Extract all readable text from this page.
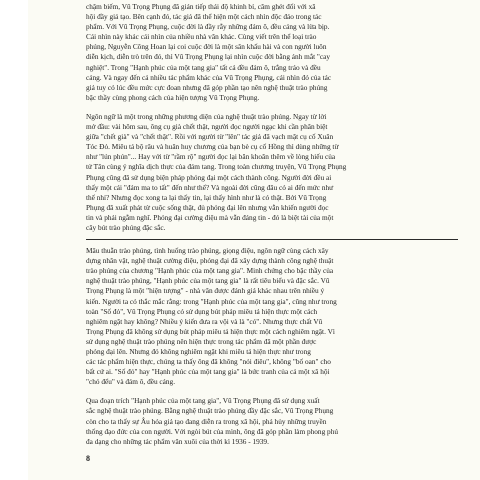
chậm biếm, Vũ Trọng Phụng đã gián tiếp thái độ khinh bỉ, căm ghét đối với xã
hội đầy giả tạo. Bên cạnh đó, tác giả đã thể hiện một cách nhìn độc đáo trong tác
phẩm. Với Vũ Trọng Phụng, cuộc đời là đầy rẫy những đám ô, đều cáng và lừa bịp.
Cái nhìn này khác cái nhìn của nhiều nhà văn khác. Cùng viết trên thể loại trào
phúng, Nguyễn Công Hoan lại coi cuộc đời là một sân khấu hài và con người luôn
diễn kịch, diễn trò trên đó, thì Vũ Trọng Phụng lại nhìn cuộc đời bằng ánh mắt "cay
nghiệt". Trong "Hạnh phúc của một tang gia" tất cả đều đám ô, trắng tráo và đều
cáng. Và ngay đến cả nhiều tác phẩm khác của Vũ Trọng Phụng, cái nhìn đó của tác
giả tuy có lúc đều mức cực đoan nhưng đã góp phần tạo nên nghệ thuật trào phúng
bậc thầy cùng phong cách của hiện tượng Vũ Trọng Phụng.

Ngôn ngữ là một trong những phương diện của nghệ thuật trào phúng. Ngay từ lời
mở đầu: vài hôm sau, ông cụ già chết thật, người đọc người ngạc khi cần phân biệt
giữa "chết già" và "chết thật". Rồi với người từ "lên" tác giả đã vạch mặt cụ cố Xuân
Tóc Đỏ. Miêu tả bộ râu và huân huy chương của bạn bè cụ cố Hồng thì dùng những từ
như "lún phún"... Hay với từ "rầm rộ" người đọc lại băn khoăn thêm về lòng hiếu của
tử Tân cùng ý nghĩa dịch thực của đám tang. Trong toàn chương truyện, Vũ Trọng Phụng
Phụng cũng đã sử dụng biện pháp phóng đại một cách thành công. Người đời đều ai
thấy một cái "đám ma to tất" đến như thế? Và ngoài đời cũng đâu có ai đến mức như
thế nhỉ? Nhưng đọc xong ta lại thấy tin, lại thấy hình như là có thật. Bởi Vũ Trọng
Phụng đã xuất phát từ cuộc sống thật, đủ phóng đại lên nhưng vẫn khiến người đọc
tin và phải ngẫm nghĩ. Phóng đại cường điệu mà vẫn đáng tin - đó là biệt tài của một
cây bút trào phúng đặc sắc.

Mâu thuẫn trào phúng, tình huống trào phúng, giọng điệu, ngôn ngữ cùng cách xây
dựng nhân vật, nghệ thuật cường điệu, phóng đại đã xây dựng thành công nghệ thuật
trào phúng của chương "Hạnh phúc của một tang gia". Minh chứng cho bậc thầy của
nghệ thuật trào phúng, "Hạnh phúc của một tang gia" là rất tiêu biểu và đặc sắc. Vũ
Trọng Phụng là một "hiện tượng" - nhà văn được đánh giá khác nhau trên nhiều ý
kiến. Người ta có thắc mắc rằng: trong "Hạnh phúc của một tang gia", cũng như trong
toàn "Số đỏ", Vũ Trọng Phụng có sử dụng bút pháp miêu tả hiện thực một cách
nghiêm ngặt hay không? Nhiều ý kiến đưa ra vội và là "có". Nhưng thực chất Vũ
Trọng Phụng đã không sử dụng bút pháp miêu tả hiện thực một cách nghiêm ngặt. Vì
sử dụng nghệ thuật trào phúng nên hiện thực trong tác phẩm đã một phần được
phóng đại lên. Nhưng đó không nghiêm ngặt khi miêu tả hiện thực như trong
các tác phẩm hiện thực, chúng ta thấy ông đã không "nói điêu", không "bố oan" cho
bất cứ ai. "Số đỏ" hay "Hạnh phúc của một tang gia" là bức tranh của cả một xã hội
"chó đểu" và đám ô, đều cáng.

Qua đoạn trích "Hạnh phúc của một tang gia", Vũ Trọng Phụng đã sử dụng xuất
sắc nghệ thuật trào phúng. Bằng nghệ thuật trào phúng đầy đặc sắc, Vũ Trọng Phụng
còn cho ta thấy sự Âu hóa giả tạo đang diễn ra trong xã hội, phá hủy những truyền
thống đạo đức của con người. Với ngòi bút của mình, ông đã góp phần làm phong phú
đa dạng cho những tác phẩm văn xuôi của thời kì 1936 - 1939.

8
